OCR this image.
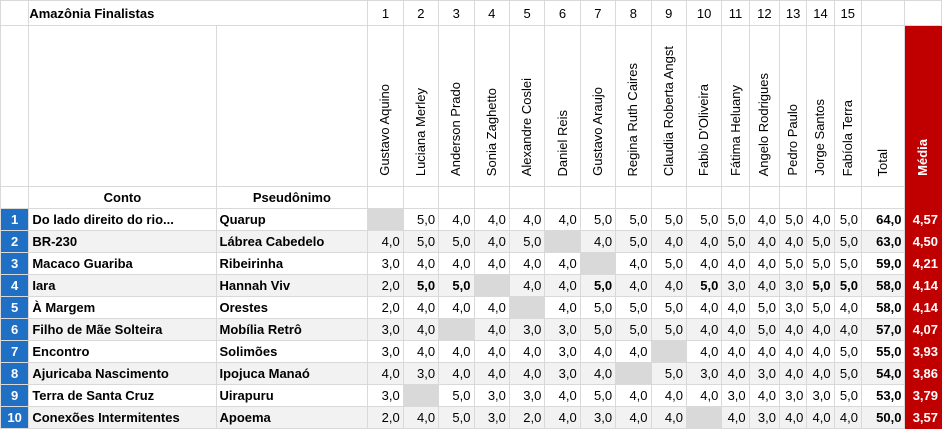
	Amazônia Finalistas		1	2	3	4	5	6	7	8	9	10	11	12	13	14	15		
			Gustavo Aquino	Luciana Merley	Anderson Prado	Sonia Zaghetto	Alexandre Coslei	Daniel Reis	Gustavo Araujo	Regina Ruth Caires	Claudia Roberta Angst	Fabio D'Oliveira	Fátima Heluany	Angelo Rodrigues	Pedro Paulo	Jorge Santos	Fabíola Terra	Total	Média
	Conto	Pseudônimo																	
1	Do lado direito do rio...	Quarup		5,0	4,0	4,0	4,0	4,0	5,0	5,0	5,0	5,0	5,0	4,0	5,0	4,0	5,0	64,0	4,57
2	BR-230	Lábrea Cabedelo	4,0	5,0	5,0	4,0	5,0		4,0	5,0	4,0	4,0	5,0	4,0	4,0	5,0	5,0	63,0	4,50
3	Macaco Guariba	Ribeirinha	3,0	4,0	4,0	4,0	4,0	4,0		4,0	5,0	4,0	4,0	4,0	5,0	5,0	5,0	59,0	4,21
4	Iara	Hannah Viv	2,0	5,0	5,0		4,0	4,0	5,0	4,0	4,0	5,0	3,0	4,0	3,0	5,0	5,0	58,0	4,14
5	À Margem	Orestes	2,0	4,0	4,0	4,0		4,0	5,0	5,0	5,0	4,0	4,0	5,0	3,0	5,0	4,0	58,0	4,14
6	Filho de Mãe Solteira	Mobília Retrô	3,0	4,0		4,0	3,0	3,0	5,0	5,0	5,0	4,0	4,0	5,0	4,0	4,0	4,0	57,0	4,07
7	Encontro	Solimões	3,0	4,0	4,0	4,0	4,0	3,0	4,0	4,0		4,0	4,0	4,0	4,0	4,0	5,0	55,0	3,93
8	Ajuricaba Nascimento	Ipojuca Manaó	4,0	3,0	4,0	4,0	4,0	3,0	4,0		5,0	3,0	4,0	3,0	4,0	4,0	5,0	54,0	3,86
9	Terra de Santa Cruz	Uirapuru	3,0		5,0	3,0	3,0	4,0	5,0	4,0	4,0	4,0	3,0	4,0	3,0	3,0	5,0	53,0	3,79
10	Conexões Intermitentes	Apoema	2,0	4,0	5,0	3,0	2,0	4,0	3,0	4,0	4,0		4,0	3,0	4,0	4,0	4,0	50,0	3,57
